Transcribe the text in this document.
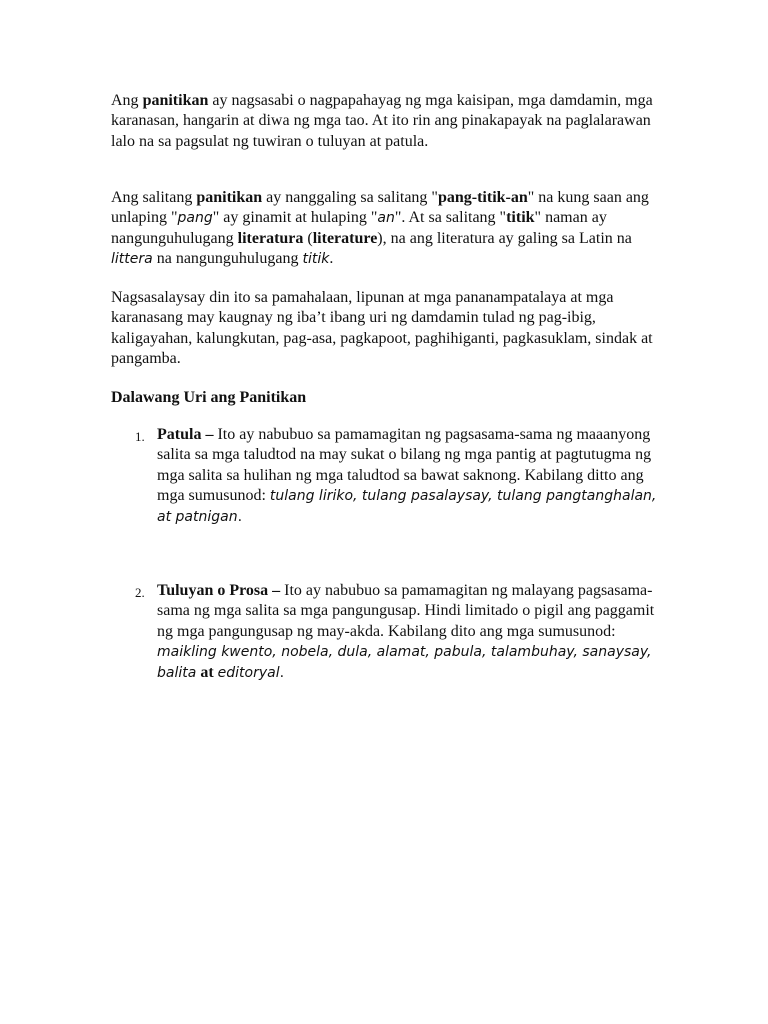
Ang panitikan ay nagsasabi o nagpapahayag ng mga kaisipan, mga damdamin, mga karanasan, hangarin at diwa ng mga tao. At ito rin ang pinakapayak na paglalarawan lalo na sa pagsulat ng tuwiran o tuluyan at patula.

Ang salitang panitikan ay nanggaling sa salitang "pang-titik-an" na kung saan ang unlaping "pang" ay ginamit at hulaping "an". At sa salitang "titik" naman ay nangunguhulugang literatura (literature), na ang literatura ay galing sa Latin na littera na nangunguhulugang titik.

Nagsasalaysay din ito sa pamahalaan, lipunan at mga pananampatalaya at mga karanasang may kaugnay ng iba’t ibang uri ng damdamin tulad ng pag-ibig, kaligayahan, kalungkutan, pag-asa, pagkapoot, paghihiganti, pagkasuklam, sindak at pangamba.

Dalawang Uri ang Panitikan

1. Patula – Ito ay nabubuo sa pamamagitan ng pagsasama-sama ng maaanyong salita sa mga taludtod na may sukat o bilang ng mga pantig at pagtutugma ng mga salita sa hulihan ng mga taludtod sa bawat saknong. Kabilang ditto ang mga sumusunod: tulang liriko, tulang pasalaysay, tulang pangtanghalan, at patnigan.

2. Tuluyan o Prosa – Ito ay nabubuo sa pamamagitan ng malayang pagsasama-sama ng mga salita sa mga pangungusap. Hindi limitado o pigil ang paggamit ng mga pangungusap ng may-akda. Kabilang dito ang mga sumusunod: maikling kwento, nobela, dula, alamat, pabula, talambuhay, sanaysay, balita at editoryal.
